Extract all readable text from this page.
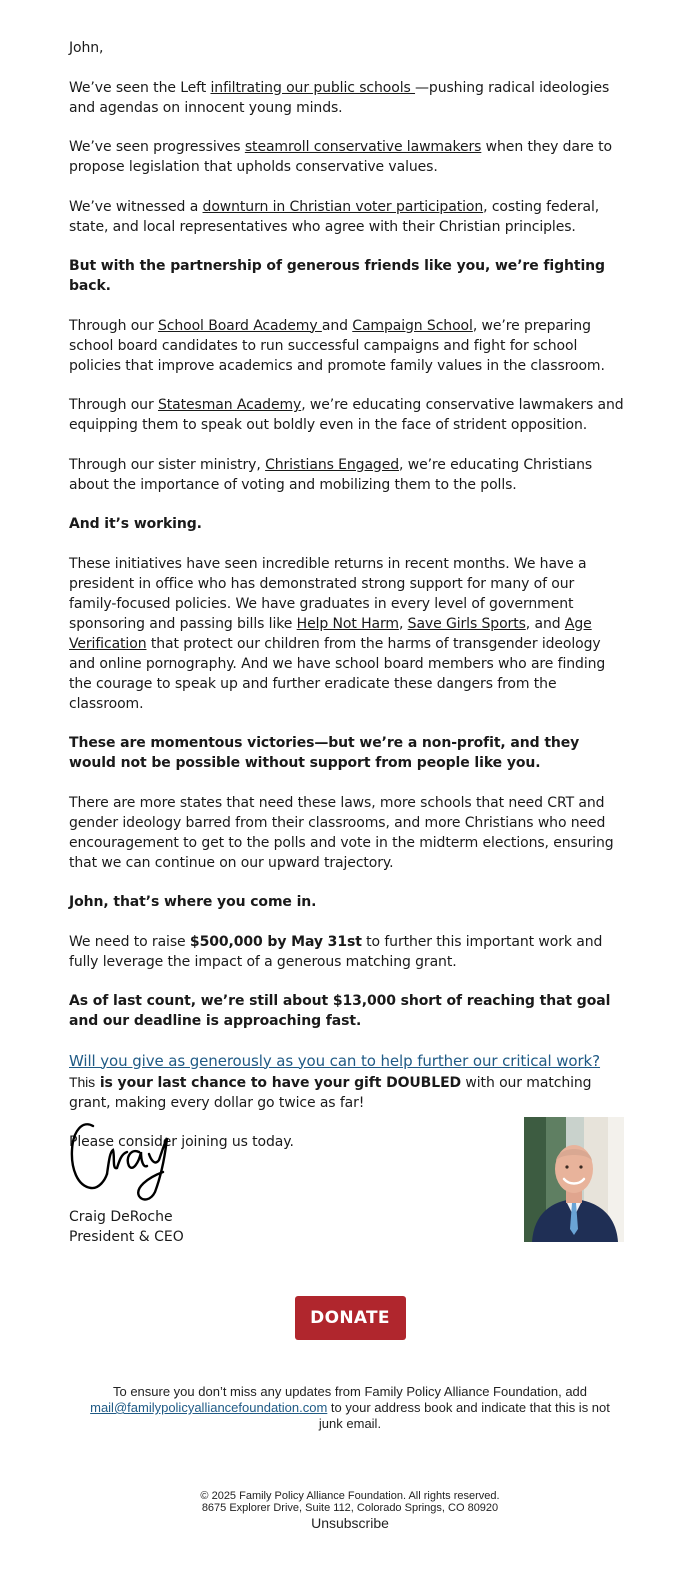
John,

We’ve seen the Left infiltrating our public schools —pushing radical ideologies and agendas on innocent young minds.

We’ve seen progressives steamroll conservative lawmakers when they dare to propose legislation that upholds conservative values.

We’ve witnessed a downturn in Christian voter participation, costing federal, state, and local representatives who agree with their Christian principles.

But with the partnership of generous friends like you, we’re fighting back.

Through our School Board Academy and Campaign School, we’re preparing school board candidates to run successful campaigns and fight for school policies that improve academics and promote family values in the classroom.

Through our Statesman Academy, we’re educating conservative lawmakers and equipping them to speak out boldly even in the face of strident opposition.

Through our sister ministry, Christians Engaged, we’re educating Christians about the importance of voting and mobilizing them to the polls.

And it’s working.

These initiatives have seen incredible returns in recent months. We have a president in office who has demonstrated strong support for many of our family-focused policies. We have graduates in every level of government sponsoring and passing bills like Help Not Harm, Save Girls Sports, and Age Verification that protect our children from the harms of transgender ideology and online pornography. And we have school board members who are finding the courage to speak up and further eradicate these dangers from the classroom.

These are momentous victories—but we’re a non-profit, and they would not be possible without support from people like you.

There are more states that need these laws, more schools that need CRT and gender ideology barred from their classrooms, and more Christians who need encouragement to get to the polls and vote in the midterm elections, ensuring that we can continue on our upward trajectory.

John, that’s where you come in.

We need to raise $500,000 by May 31st to further this important work and fully leverage the impact of a generous matching grant.

As of last count, we’re still about $13,000 short of reaching that goal and our deadline is approaching fast.

Will you give as generously as you can to help further our critical work? This is your last chance to have your gift DOUBLED with our matching grant, making every dollar go twice as far!

Please consider joining us today.

Craig DeRoche
President & CEO
DONATE
To ensure you don’t miss any updates from Family Policy Alliance Foundation, add mail@familypolicyalliancefoundation.com to your address book and indicate that this is not junk email.
© 2025 Family Policy Alliance Foundation. All rights reserved.
8675 Explorer Drive, Suite 112, Colorado Springs, CO 80920
Unsubscribe
